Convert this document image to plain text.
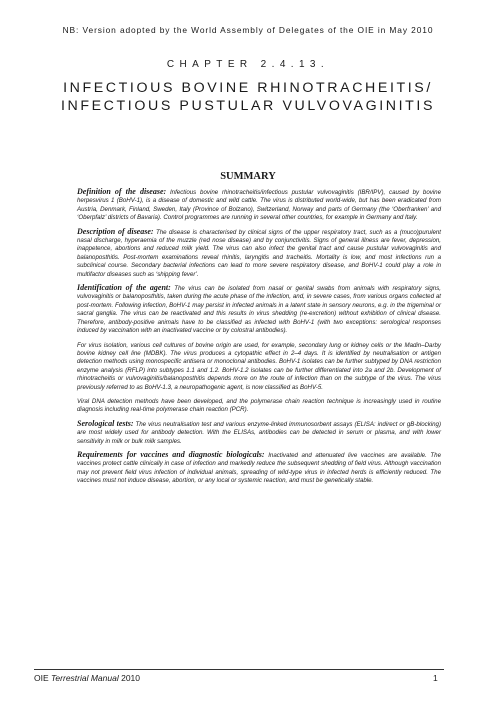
NB: Version adopted by the World Assembly of Delegates of the OIE in May 2010
CHAPTER 2.4.13.
INFECTIOUS BOVINE RHINOTRACHEITIS/
INFECTIOUS PUSTULAR VULVOVAGINITIS
SUMMARY

Definition of the disease: Infectious bovine rhinotracheitis/infectious pustular vulvovaginitis (IBR/IPV), caused by bovine herpesvirus 1 (BoHV-1), is a disease of domestic and wild cattle. The virus is distributed world-wide, but has been eradicated from Austria, Denmark, Finland, Sweden, Italy (Province of Bolzano), Switzerland, Norway and parts of Germany (the ‘Oberfranken’ and ‘Oberpfalz’ districts of Bavaria). Control programmes are running in several other countries, for example in Germany and Italy.

Description of disease: The disease is characterised by clinical signs of the upper respiratory tract, such as a (muco)purulent nasal discharge, hyperaemia of the muzzle (red nose disease) and by conjunctivitis. Signs of general illness are fever, depression, inappetence, abortions and reduced milk yield. The virus can also infect the genital tract and cause pustular vulvovaginitis and balanoposthitis. Post-mortem examinations reveal rhinitis, laryngitis and tracheitis. Mortality is low, and most infections run a subclinical course. Secondary bacterial infections can lead to more severe respiratory disease, and BoHV-1 could play a role in multifactor diseases such as ‘shipping fever’.

Identification of the agent: The virus can be isolated from nasal or genital swabs from animals with respiratory signs, vulvovaginitis or balanoposthitis, taken during the acute phase of the infection, and, in severe cases, from various organs collected at post-mortem. Following infection, BoHV-1 may persist in infected animals in a latent state in sensory neurons, e.g. in the trigeminal or sacral ganglia. The virus can be reactivated and this results in virus shedding (re-excretion) without exhibition of clinical disease. Therefore, antibody-positive animals have to be classified as infected with BoHV-1 (with two exceptions: serological responses induced by vaccination with an inactivated vaccine or by colostral antibodies).

For virus isolation, various cell cultures of bovine origin are used, for example, secondary lung or kidney cells or the Madin–Darby bovine kidney cell line (MDBK). The virus produces a cytopathic effect in 2–4 days. It is identified by neutralisation or antigen detection methods using monospecific antisera or monoclonal antibodies. BoHV-1 isolates can be further subtyped by DNA restriction enzyme analysis (RFLP) into subtypes 1.1 and 1.2. BoHV-1.2 isolates can be further differentiated into 2a and 2b. Development of rhinotracheitis or vulvovaginitis/balanoposthitis depends more on the route of infection than on the subtype of the virus. The virus previously referred to as BoHV-1.3, a neuropathogenic agent, is now classified as BoHV-5.

Viral DNA detection methods have been developed, and the polymerase chain reaction technique is increasingly used in routine diagnosis including real-time polymerase chain reaction (PCR).

Serological tests: The virus neutralisation test and various enzyme-linked immunosorbent assays (ELISA: indirect or gB-blocking) are most widely used for antibody detection. With the ELISAs, antibodies can be detected in serum or plasma, and with lower sensitivity in milk or bulk milk samples.

Requirements for vaccines and diagnostic biologicals: Inactivated and attenuated live vaccines are available. The vaccines protect cattle clinically in case of infection and markedly reduce the subsequent shedding of field virus. Although vaccination may not prevent field virus infection of individual animals, spreading of wild-type virus in infected herds is efficiently reduced. The vaccines must not induce disease, abortion, or any local or systemic reaction, and must be genetically stable.

OIE Terrestrial Manual 2010	1
